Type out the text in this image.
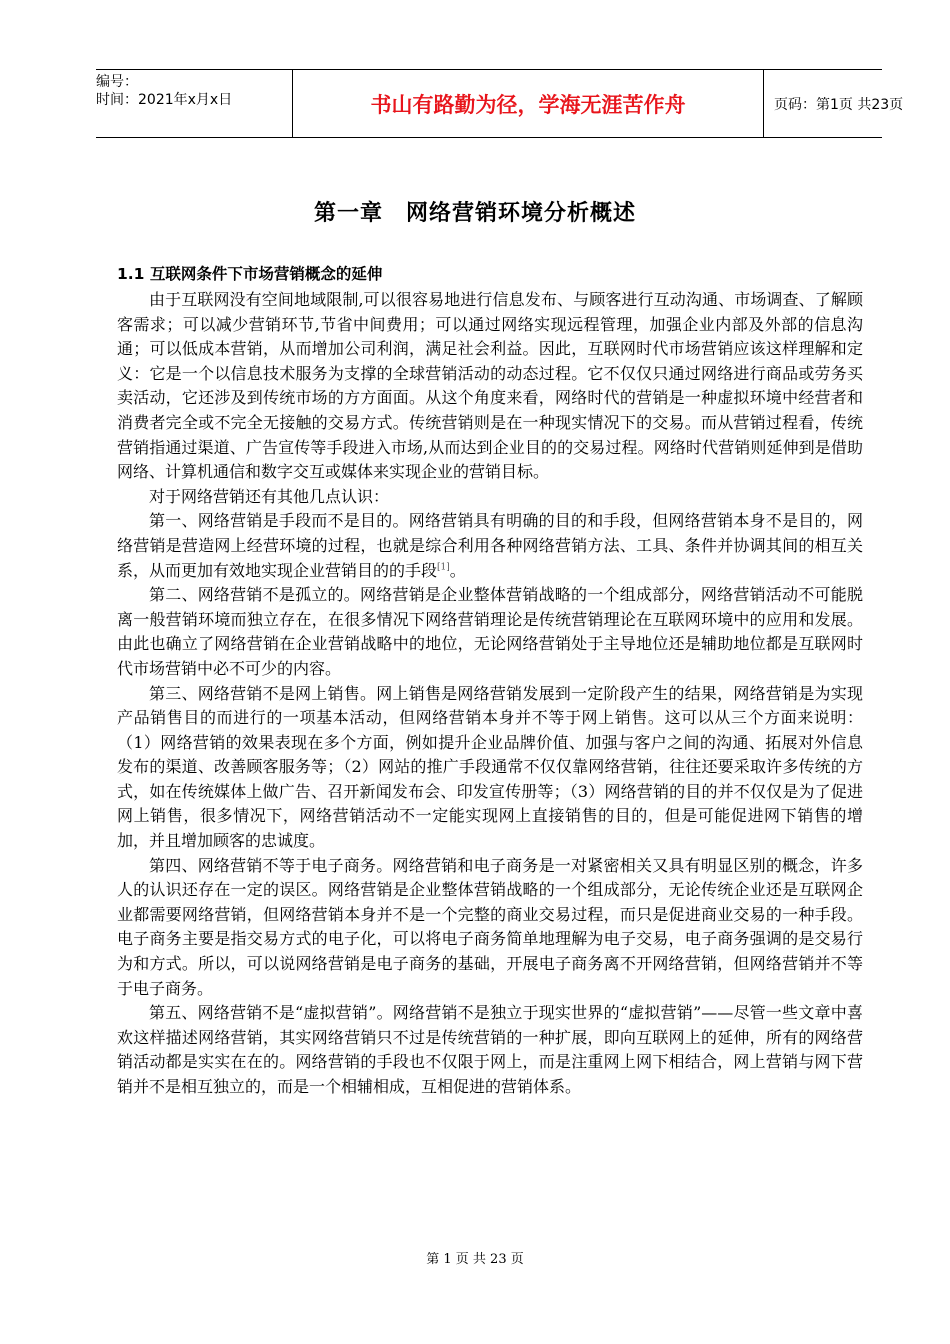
编号：
时间：2021年x月x日	书山有路勤为径，学海无涯苦作舟	页码：第1页 共23页
第一章　网络营销环境分析概述
1.1 互联网条件下市场营销概念的延伸

由于互联网没有空间地域限制,可以很容易地进行信息发布、与顾客进行互动沟通、市场调查、了解顾客需求；可以减少营销环节,节省中间费用；可以通过网络实现远程管理，加强企业内部及外部的信息沟通；可以低成本营销，从而增加公司利润，满足社会利益。因此，互联网时代市场营销应该这样理解和定义：它是一个以信息技术服务为支撑的全球营销活动的动态过程。它不仅仅只通过网络进行商品或劳务买卖活动，它还涉及到传统市场的方方面面。从这个角度来看，网络时代的营销是一种虚拟环境中经营者和消费者完全或不完全无接触的交易方式。传统营销则是在一种现实情况下的交易。而从营销过程看，传统营销指通过渠道、广告宣传等手段进入市场,从而达到企业目的的交易过程。网络时代营销则延伸到是借助网络、计算机通信和数字交互或媒体来实现企业的营销目标。

对于网络营销还有其他几点认识：

第一、网络营销是手段而不是目的。网络营销具有明确的目的和手段，但网络营销本身不是目的，网络营销是营造网上经营环境的过程，也就是综合利用各种网络营销方法、工具、条件并协调其间的相互关系，从而更加有效地实现企业营销目的的手段[1]。

第二、网络营销不是孤立的。网络营销是企业整体营销战略的一个组成部分，网络营销活动不可能脱离一般营销环境而独立存在，在很多情况下网络营销理论是传统营销理论在互联网环境中的应用和发展。由此也确立了网络营销在企业营销战略中的地位，无论网络营销处于主导地位还是辅助地位都是互联网时代市场营销中必不可少的内容。

第三、网络营销不是网上销售。网上销售是网络营销发展到一定阶段产生的结果，网络营销是为实现产品销售目的而进行的一项基本活动，但网络营销本身并不等于网上销售。这可以从三个方面来说明：（1）网络营销的效果表现在多个方面，例如提升企业品牌价值、加强与客户之间的沟通、拓展对外信息发布的渠道、改善顾客服务等；（2）网站的推广手段通常不仅仅靠网络营销，往往还要采取许多传统的方式，如在传统媒体上做广告、召开新闻发布会、印发宣传册等；（3）网络营销的目的并不仅仅是为了促进网上销售，很多情况下，网络营销活动不一定能实现网上直接销售的目的，但是可能促进网下销售的增加，并且增加顾客的忠诚度。

第四、网络营销不等于电子商务。网络营销和电子商务是一对紧密相关又具有明显区别的概念，许多人的认识还存在一定的误区。网络营销是企业整体营销战略的一个组成部分，无论传统企业还是互联网企业都需要网络营销，但网络营销本身并不是一个完整的商业交易过程，而只是促进商业交易的一种手段。电子商务主要是指交易方式的电子化，可以将电子商务简单地理解为电子交易，电子商务强调的是交易行为和方式。所以，可以说网络营销是电子商务的基础，开展电子商务离不开网络营销，但网络营销并不等于电子商务。

第五、网络营销不是“虚拟营销”。网络营销不是独立于现实世界的“虚拟营销”——尽管一些文章中喜欢这样描述网络营销，其实网络营销只不过是传统营销的一种扩展，即向互联网上的延伸，所有的网络营销活动都是实实在在的。网络营销的手段也不仅限于网上，而是注重网上网下相结合，网上营销与网下营销并不是相互独立的，而是一个相辅相成，互相促进的营销体系。

第 1 页 共 23 页
